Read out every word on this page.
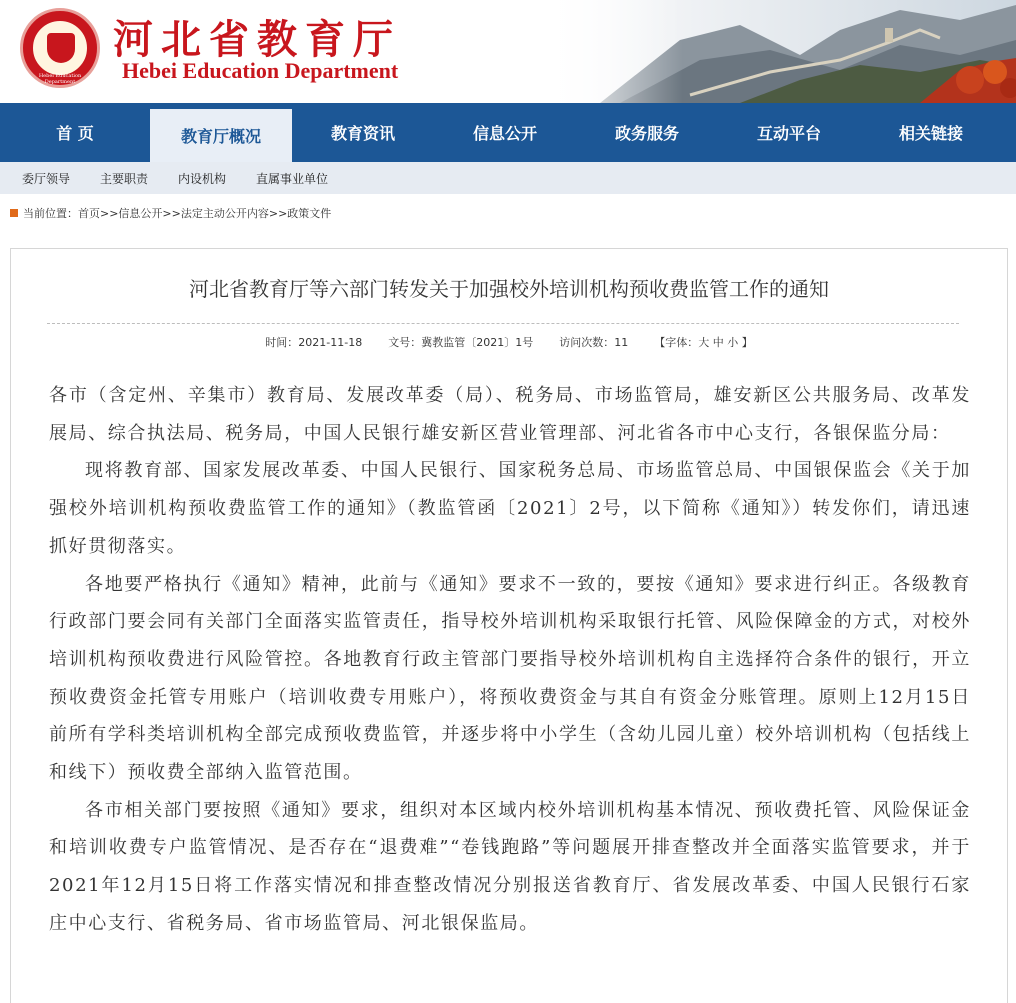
Hebei Education Department
河北省教育厅
Hebei Education Department
首 页	教育厅概况	教育资讯	信息公开	政务服务	互动平台	相关链接
委厅领导	主要职责	内设机构	直属事业单位
当前位置：首页>>信息公开>>法定主动公开内容>>政策文件
河北省教育厅等六部门转发关于加强校外培训机构预收费监管工作的通知
时间：2021-11-18 文号：冀教监管〔2021〕1号 访问次数：11 【字体：大 中 小 】

各市（含定州、辛集市）教育局、发展改革委（局）、税务局、市场监管局，雄安新区公共服务局、改革发展局、综合执法局、税务局，中国人民银行雄安新区营业管理部、河北省各市中心支行，各银保监分局：

现将教育部、国家发展改革委、中国人民银行、国家税务总局、市场监管总局、中国银保监会《关于加强校外培训机构预收费监管工作的通知》（教监管函〔2021〕2号，以下简称《通知》）转发你们，请迅速抓好贯彻落实。

各地要严格执行《通知》精神，此前与《通知》要求不一致的，要按《通知》要求进行纠正。各级教育行政部门要会同有关部门全面落实监管责任，指导校外培训机构采取银行托管、风险保障金的方式，对校外培训机构预收费进行风险管控。各地教育行政主管部门要指导校外培训机构自主选择符合条件的银行，开立预收费资金托管专用账户（培训收费专用账户），将预收费资金与其自有资金分账管理。原则上12月15日前所有学科类培训机构全部完成预收费监管，并逐步将中小学生（含幼儿园儿童）校外培训机构（包括线上和线下）预收费全部纳入监管范围。

各市相关部门要按照《通知》要求，组织对本区域内校外培训机构基本情况、预收费托管、风险保证金和培训收费专户监管情况、是否存在“退费难”“卷钱跑路”等问题展开排查整改并全面落实监管要求，并于2021年12月15日将工作落实情况和排查整改情况分别报送省教育厅、省发展改革委、中国人民银行石家庄中心支行、省税务局、省市场监管局、河北银保监局。
